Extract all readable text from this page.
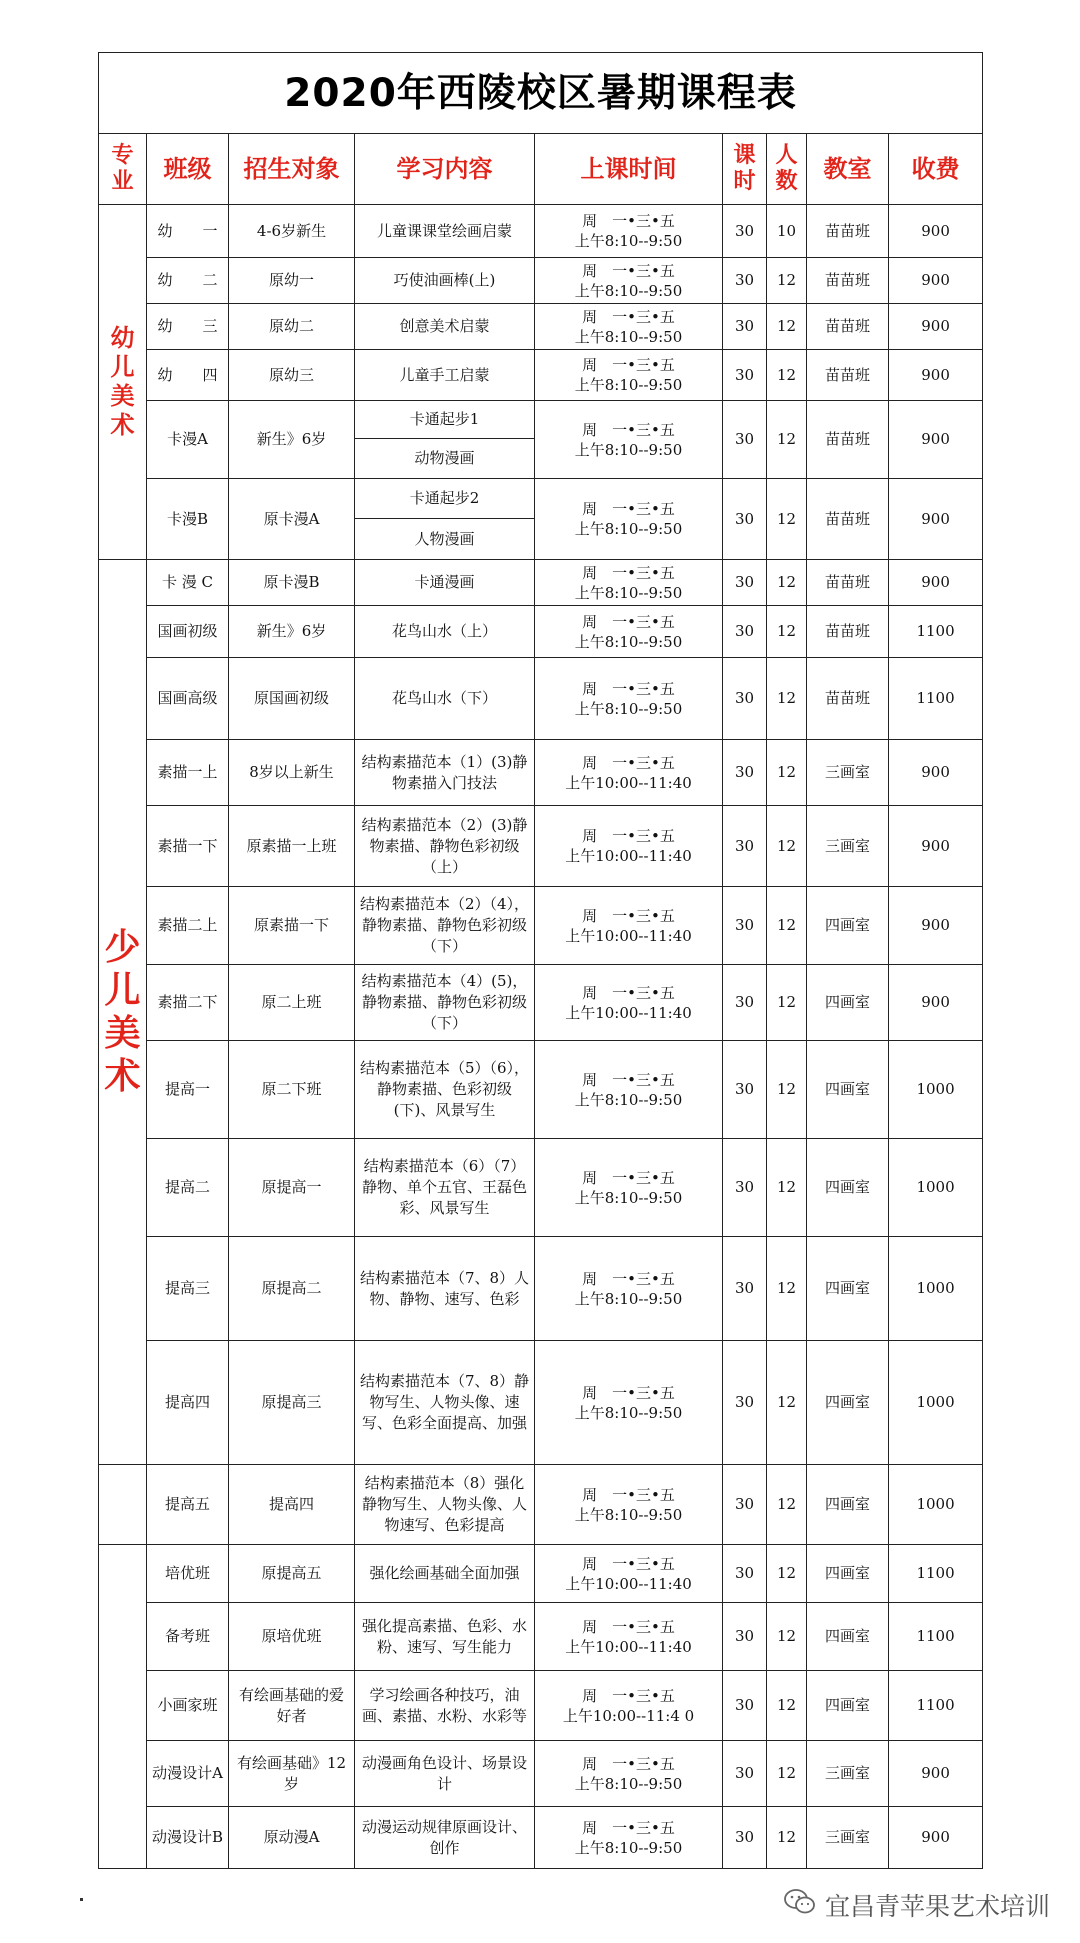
2020年西陵校区暑期课程表								
专业	班级	招生对象	学习内容	上课时间	课时	人数	教室	收费

幼儿美术	幼　　一	4-6岁新生	儿童课课堂绘画启蒙	周　一•三•五
上午8:10--9:50	30	10	苗苗班	900
	幼　　二	原幼一	巧使油画棒(上)	周　一•三•五
上午8:10--9:50	30	12	苗苗班	900
	幼　　三	原幼二	创意美术启蒙	周　一•三•五
上午8:10--9:50	30	12	苗苗班	900
	幼　　四	原幼三	儿童手工启蒙	周　一•三•五
上午8:10--9:50	30	12	苗苗班	900
	卡漫A	新生》6岁	卡通起步1	周　一•三•五
上午8:10--9:50	30	12	苗苗班	900
			动物漫画					
	卡漫B	原卡漫A	卡通起步2	周　一•三•五
上午8:10--9:50	30	12	苗苗班	900
			人物漫画					

少儿美术	卡 漫 C	原卡漫B	卡通漫画	周　一•三•五
上午8:10--9:50	30	12	苗苗班	900
	国画初级	新生》6岁	花鸟山水（上）	周　一•三•五
上午8:10--9:50	30	12	苗苗班	1100
	国画高级	原国画初级	花鸟山水（下）	周　一•三•五
上午8:10--9:50	30	12	苗苗班	1100
	素描一上	8岁以上新生	结构素描范本（1）(3)静物素描入门技法	周　一•三•五
上午10:00--11:40	30	12	三画室	900
	素描一下	原素描一上班	结构素描范本（2）(3)静物素描、静物色彩初级（上）	周　一•三•五
上午10:00--11:40	30	12	三画室	900
	素描二上	原素描一下	结构素描范本（2）（4），静物素描、静物色彩初级（下）	周　一•三•五
上午10:00--11:40	30	12	四画室	900
	素描二下	原二上班	结构素描范本（4）(5)，静物素描、静物色彩初级（下）	周　一•三•五
上午10:00--11:40	30	12	四画室	900
	提高一	原二下班	结构素描范本（5）（6），静物素描、色彩初级(下)、风景写生	周　一•三•五
上午8:10--9:50	30	12	四画室	1000
	提高二	原提高一	结构素描范本（6）（7）静物、单个五官、王磊色彩、风景写生	周　一•三•五
上午8:10--9:50	30	12	四画室	1000
	提高三	原提高二	结构素描范本（7、8）人物、静物、速写、色彩	周　一•三•五
上午8:10--9:50	30	12	四画室	1000
	提高四	原提高三	结构素描范本（7、8）静物写生、人物头像、速写、色彩全面提高、加强	周　一•三•五
上午8:10--9:50	30	12	四画室	1000
	提高五	提高四	结构素描范本（8）强化静物写生、人物头像、人物速写、色彩提高	周　一•三•五
上午8:10--9:50	30	12	四画室	1000
	培优班	原提高五	强化绘画基础全面加强	周　一•三•五
上午10:00--11:40	30	12	四画室	1100
	备考班	原培优班	强化提高素描、色彩、水粉、速写、写生能力	周　一•三•五
上午10:00--11:40	30	12	四画室	1100
	小画家班	有绘画基础的爱好者	学习绘画各种技巧，油画、素描、水粉、水彩等	周　一•三•五
上午10:00--11:4 0	30	12	四画室	1100
	动漫设计A	有绘画基础》12岁	动漫画角色设计、场景设计	周　一•三•五
上午8:10--9:50	30	12	三画室	900
	动漫设计B	原动漫A	动漫运动规律原画设计、创作	周　一•三•五
上午8:10--9:50	30	12	三画室	900
宜昌青苹果艺术培训
